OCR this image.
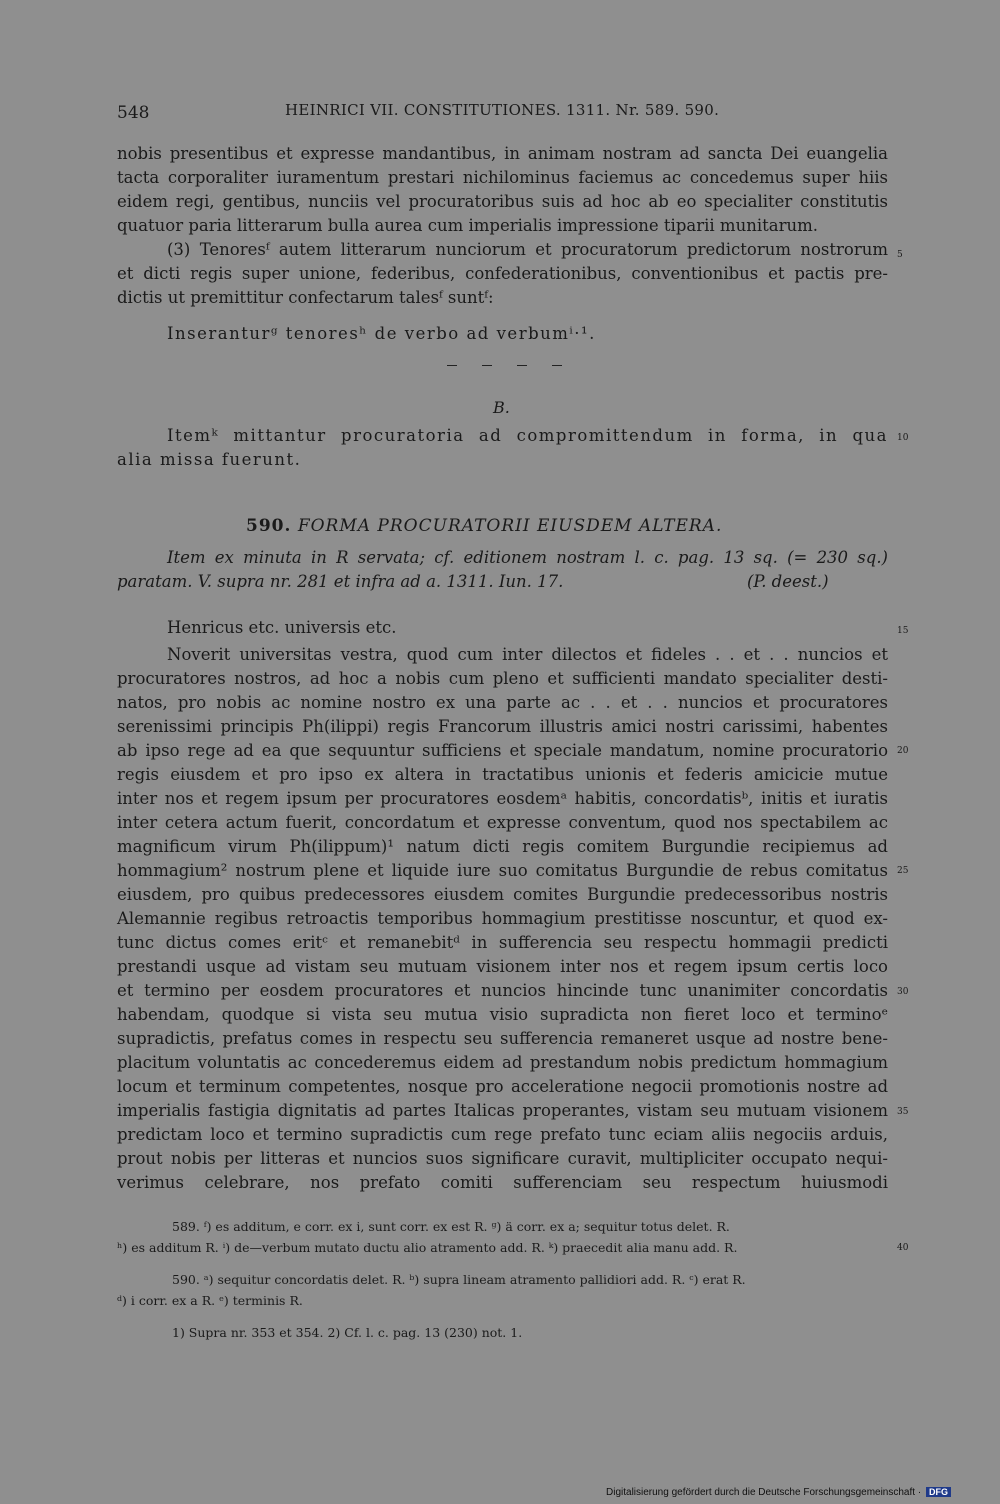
548	HEINRICI VII. CONSTITUTIONES. 1311. Nr. 589. 590.
nobis presentibus et expresse mandantibus, in animam nostram ad sancta Dei euangelia
tacta corporaliter iuramentum prestari nichilominus faciemus ac concedemus super hiis
eidem regi, gentibus, nunciis vel procuratoribus suis ad hoc ab eo specialiter constitutis
quatuor paria litterarum bulla aurea cum imperialis impressione tiparii munitarum.
(3) Tenoresᶠ autem litterarum nunciorum et procuratorum predictorum nostrorum
et dicti regis super unione, federibus, confederationibus, conventionibus et pactis pre-
dictis ut premittitur confectarum talesᶠ suntᶠ:
Inseranturᵍ tenoresʰ de verbo ad verbumⁱ·¹.
B.
Itemᵏ mittantur procuratoria ad compromittendum in forma, in qua
alia missa fuerunt.
590. FORMA PROCURATORII EIUSDEM ALTERA.
Item ex minuta in R servata; cf. editionem nostram l. c. pag. 13 sq. (= 230 sq.)
paratam. V. supra nr. 281 et infra ad a. 1311. Iun. 17.	(P. deest.)
Henricus etc. universis etc.
Noverit universitas vestra, quod cum inter dilectos et fideles . . et . . nuncios et
procuratores nostros, ad hoc a nobis cum pleno et sufficienti mandato specialiter desti-
natos, pro nobis ac nomine nostro ex una parte ac . . et . . nuncios et procuratores
serenissimi principis Ph(ilippi) regis Francorum illustris amici nostri carissimi, habentes
ab ipso rege ad ea que sequuntur sufficiens et speciale mandatum, nomine procuratorio
regis eiusdem et pro ipso ex altera in tractatibus unionis et federis amicicie mutue
inter nos et regem ipsum per procuratores eosdemᵃ habitis, concordatisᵇ, initis et iuratis
inter cetera actum fuerit, concordatum et expresse conventum, quod nos spectabilem ac
magnificum virum Ph(ilippum)¹ natum dicti regis comitem Burgundie recipiemus ad
hommagium² nostrum plene et liquide iure suo comitatus Burgundie de rebus comitatus
eiusdem, pro quibus predecessores eiusdem comites Burgundie predecessoribus nostris
Alemannie regibus retroactis temporibus hommagium prestitisse noscuntur, et quod ex-
tunc dictus comes eritᶜ et remanebitᵈ in sufferencia seu respectu hommagii predicti
prestandi usque ad vistam seu mutuam visionem inter nos et regem ipsum certis loco
et termino per eosdem procuratores et nuncios hincinde tunc unanimiter concordatis
habendam, quodque si vista seu mutua visio supradicta non fieret loco et terminoᵉ
supradictis, prefatus comes in respectu seu sufferencia remaneret usque ad nostre bene-
placitum voluntatis ac concederemus eidem ad prestandum nobis predictum hommagium
locum et terminum competentes, nosque pro acceleratione negocii promotionis nostre ad
imperialis fastigia dignitatis ad partes Italicas properantes, vistam seu mutuam visionem
predictam loco et termino supradictis cum rege prefato tunc eciam aliis negociis arduis,
prout nobis per litteras et nuncios suos significare curavit, multipliciter occupato nequi-
verimus celebrare, nos prefato comiti sufferenciam seu respectum huiusmodi
5
10
15
20
25
30
35
40
589. ᶠ) es additum, e corr. ex i, sunt corr. ex est R. ᵍ) ä corr. ex a; sequitur totus delet. R.
ʰ) es additum R. ⁱ) de—verbum mutato ductu alio atramento add. R. ᵏ) praecedit alia manu add. R.
590. ᵃ) sequitur concordatis delet. R. ᵇ) supra lineam atramento pallidiori add. R. ᶜ) erat R.
ᵈ) i corr. ex a R. ᵉ) terminis R.
1) Supra nr. 353 et 354. 2) Cf. l. c. pag. 13 (230) not. 1.
Digitalisierung gefördert durch die Deutsche Forschungsgemeinschaft · DFG
